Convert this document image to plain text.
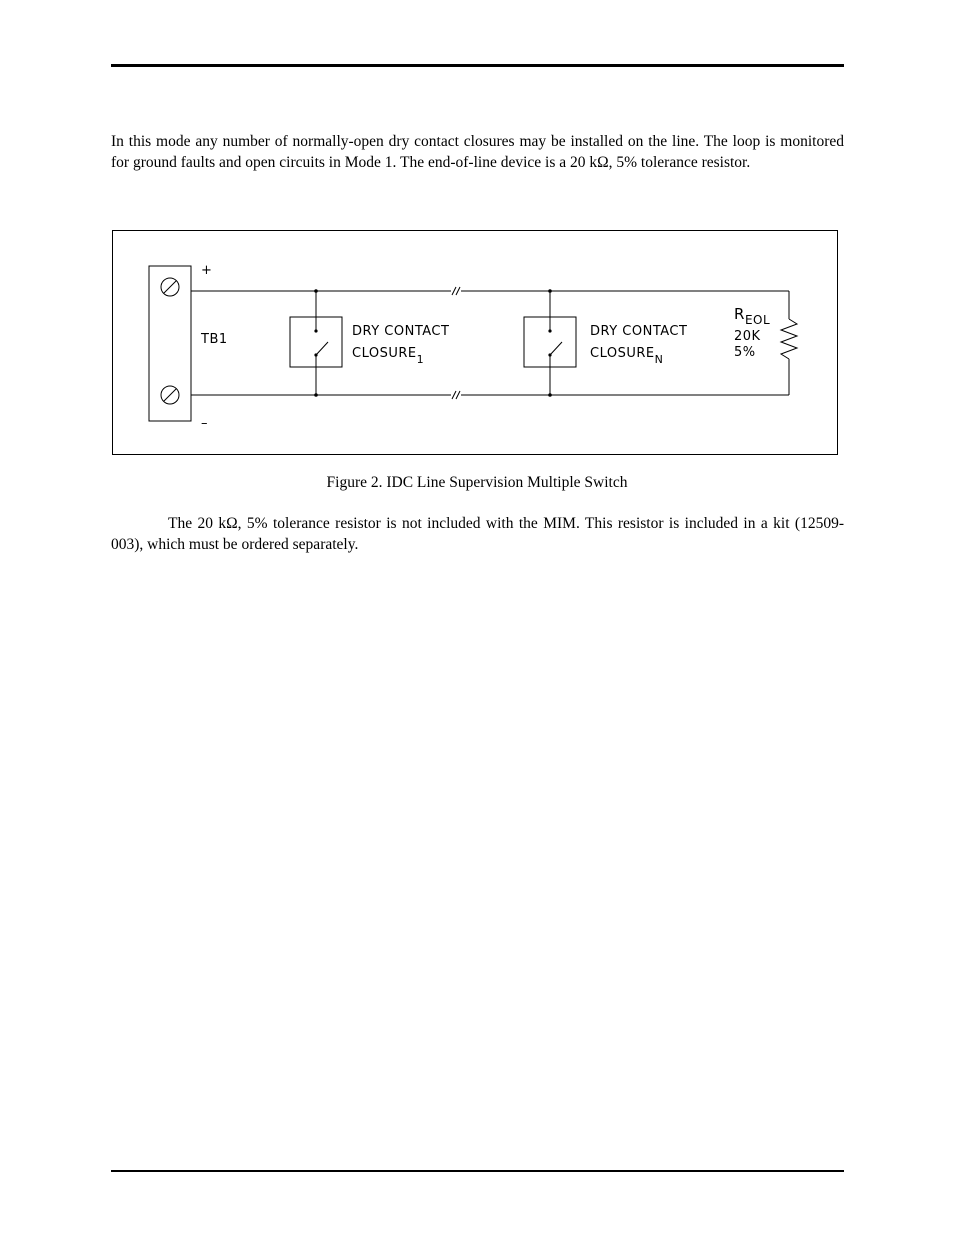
In this mode any number of normally-open dry contact closures may be installed on the line. The loop is monitored for ground faults and open circuits in Mode 1. The end-of-line device is a 20 kΩ, 5% tolerance resistor.

+
TB1
–
DRY CONTACT
$CLOSURE_1$
DRY CONTACT
$CLOSURE_N$
REOL
20K
5%

Figure 2. IDC Line Supervision Multiple Switch

The 20 kΩ, 5% tolerance resistor is not included with the MIM. This resistor is included in a kit (12509-003), which must be ordered separately.
